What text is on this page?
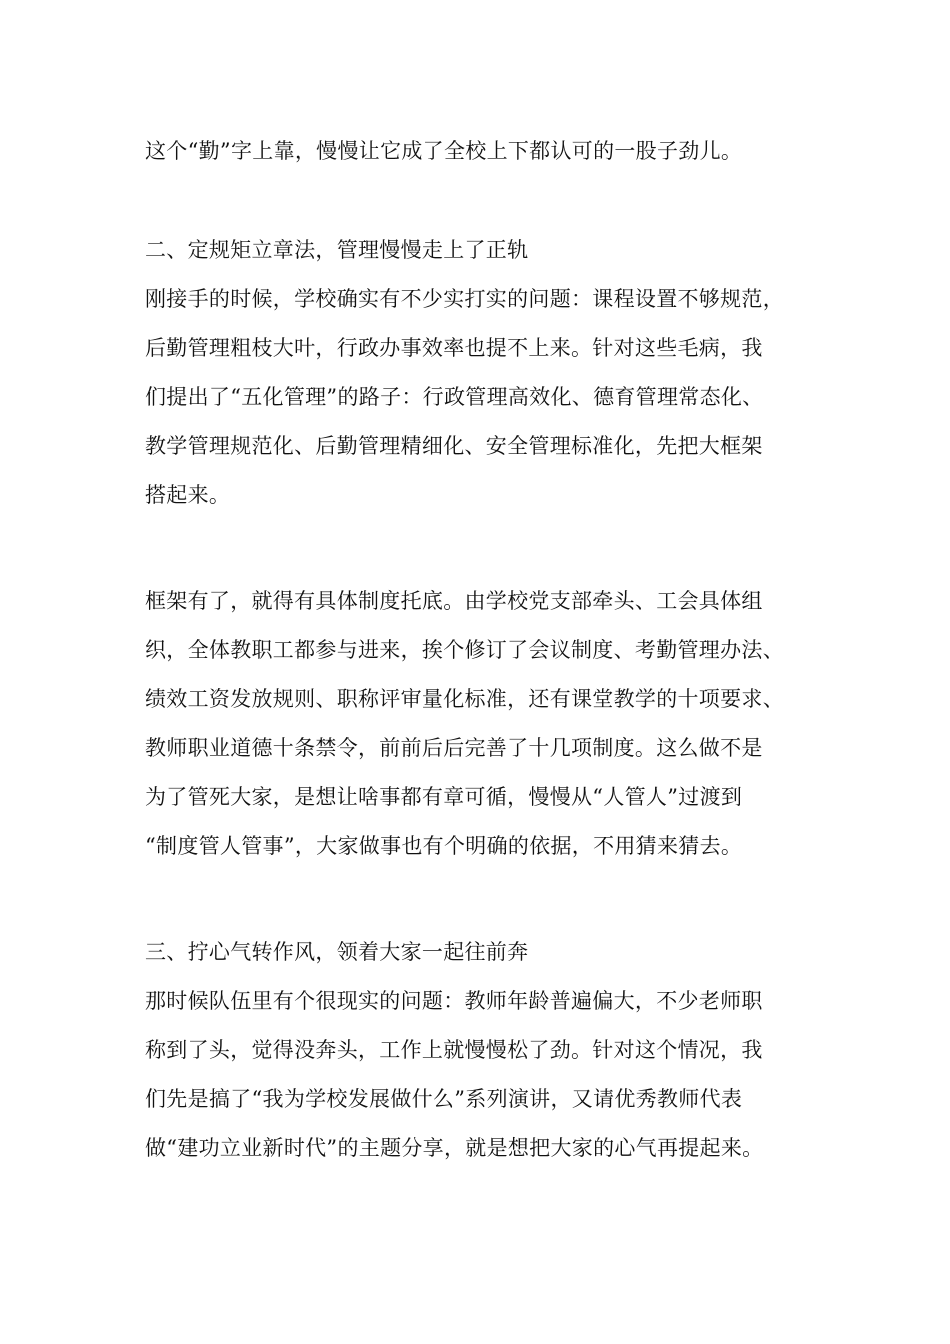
这个“勤”字上靠，慢慢让它成了全校上下都认可的一股子劲儿。

二、定规矩立章法，管理慢慢走上了正轨

刚接手的时候，学校确实有不少实打实的问题：课程设置不够规范，
后勤管理粗枝大叶，行政办事效率也提不上来。针对这些毛病，我
们提出了“五化管理”的路子：行政管理高效化、德育管理常态化、
教学管理规范化、后勤管理精细化、安全管理标准化，先把大框架
搭起来。

框架有了，就得有具体制度托底。由学校党支部牵头、工会具体组
织，全体教职工都参与进来，挨个修订了会议制度、考勤管理办法、
绩效工资发放规则、职称评审量化标准，还有课堂教学的十项要求、
教师职业道德十条禁令，前前后后完善了十几项制度。这么做不是
为了管死大家，是想让啥事都有章可循，慢慢从“人管人”过渡到
“制度管人管事”，大家做事也有个明确的依据，不用猜来猜去。

三、拧心气转作风，领着大家一起往前奔

那时候队伍里有个很现实的问题：教师年龄普遍偏大，不少老师职
称到了头，觉得没奔头，工作上就慢慢松了劲。针对这个情况，我
们先是搞了“我为学校发展做什么”系列演讲，又请优秀教师代表
做“建功立业新时代”的主题分享，就是想把大家的心气再提起来。
